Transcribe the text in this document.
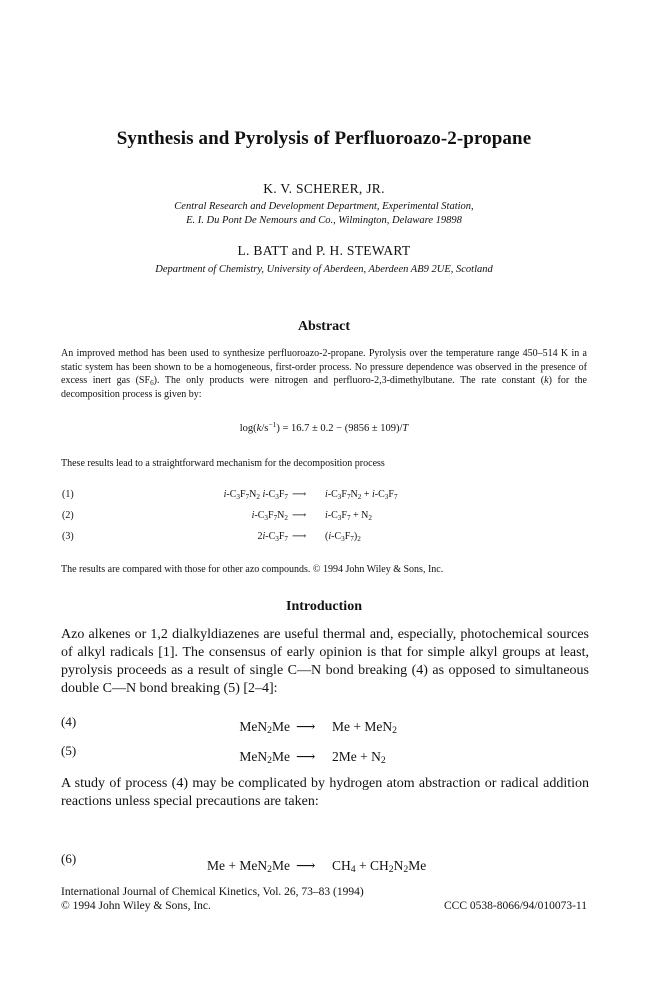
Synthesis and Pyrolysis of Perfluoroazo-2-propane
K. V. SCHERER, JR.
Central Research and Development Department, Experimental Station,
E. I. Du Pont De Nemours and Co., Wilmington, Delaware 19898
L. BATT and P. H. STEWART
Department of Chemistry, University of Aberdeen, Aberdeen AB9 2UE, Scotland
Abstract
An improved method has been used to synthesize perfluoroazo-2-propane. Pyrolysis over the temperature range 450–514 K in a static system has been shown to be a homogeneous, first-order process. No pressure dependence was observed in the presence of excess inert gas $(SF_6)$. The only products were nitrogen and perfluoro-2,3-dimethylbutane. The rate constant (k) for the decomposition process is given by:
$\log(k/s^{-1}) = 16.7 \pm 0.2 - (9856 \pm 109)/T$
These results lead to a straightforward mechanism for the decomposition process
(1)	$i-C_3F_7N_2$ $i-C_3F_7$ ⟶ $i-C_3F_7N_2 + i-C_3F_7$
(2)	$i-C_3F_7N_2$ ⟶ $i-C_3F_7 + N_2$
(3)	$2i-C_3F_7$ ⟶ $(i-C_3F_7)_2$
The results are compared with those for other azo compounds. © 1994 John Wiley & Sons, Inc.
Introduction
Azo alkenes or 1,2 dialkyldiazenes are useful thermal and, especially, photochemical sources of alkyl radicals [1]. The consensus of early opinion is that for simple alkyl groups at least, pyrolysis proceeds as a result of single C—N bond breaking (4) as opposed to simultaneous double C—N bond breaking (5) [2–4]:
(4)	MeN$_2$Me ⟶ Me + MeN$_2$
(5)	MeN$_2$Me ⟶ $2Me + N_2$
A study of process (4) may be complicated by hydrogen atom abstraction or radical addition reactions unless special precautions are taken:
(6)	Me + MeN$_2$Me ⟶ $CH_4 + CH_2N_2Me$
International Journal of Chemical Kinetics, Vol. 26, 73–83 (1994)
© 1994 John Wiley & Sons, Inc.	CCC 0538-8066/94/010073-11
